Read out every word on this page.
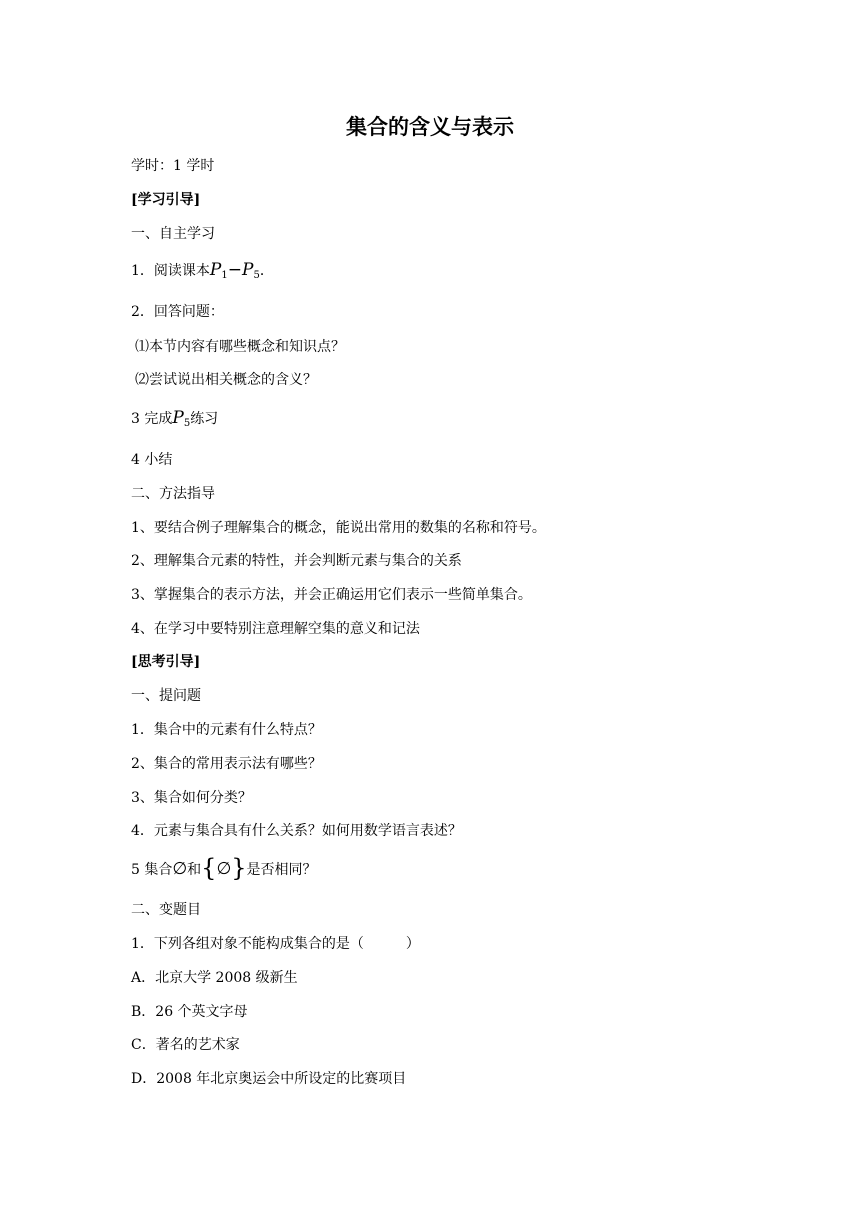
集合的含义与表示
学时：1 学时
[学习引导]
一、自主学习
1．阅读课本$P_1-P_5$．
2．回答问题：
⑴本节内容有哪些概念和知识点？
⑵尝试说出相关概念的含义？
3 完成$P_5$练习
4 小结
二、方法指导
1、要结合例子理解集合的概念，能说出常用的数集的名称和符号。
2、理解集合元素的特性，并会判断元素与集合的关系
3、掌握集合的表示方法，并会正确运用它们表示一些简单集合。
4、在学习中要特别注意理解空集的意义和记法
[思考引导]
一、提问题
1．集合中的元素有什么特点？
2、集合的常用表示法有哪些？
3、集合如何分类？
4．元素与集合具有什么关系？如何用数学语言表述？
5 集合∅和{∅}是否相同？
二、变题目
1．下列各组对象不能构成集合的是（　　　）
A．北京大学 2008 级新生
B．26 个英文字母
C．著名的艺术家
D．2008 年北京奥运会中所设定的比赛项目
